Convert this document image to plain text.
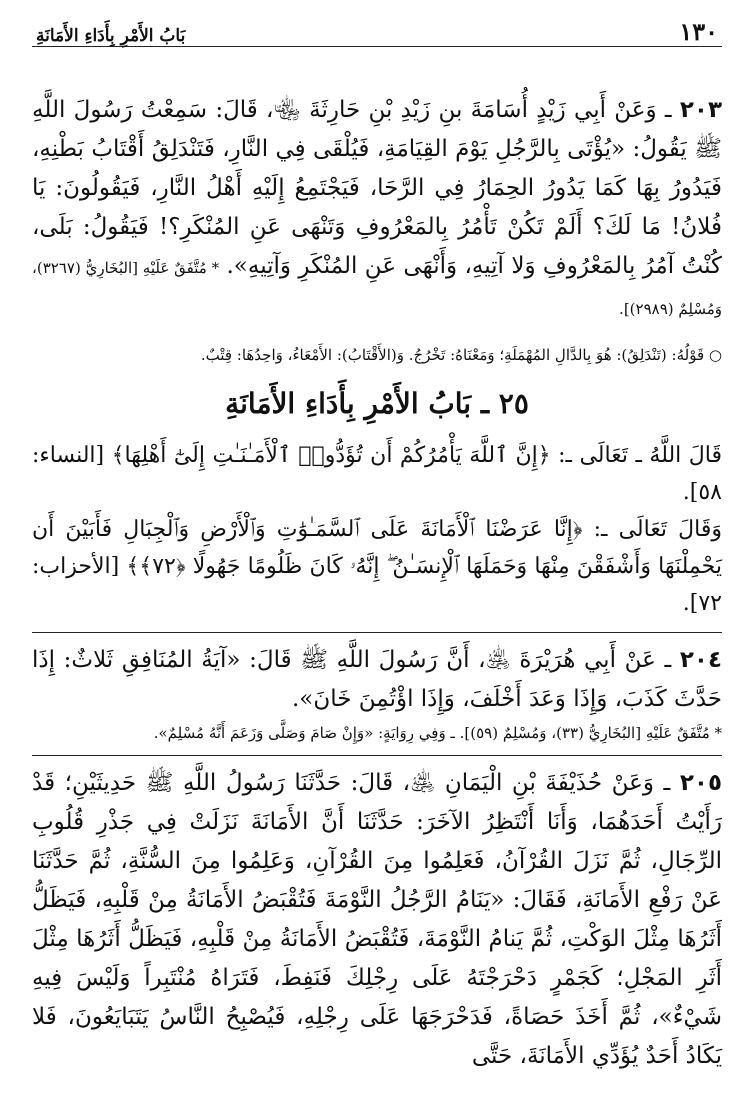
١٣٠
بَابُ الأَمْرِ بِأَدَاءِ الأَمَانَةِ

٢٠٣ ـ وَعَنْ أَبِي زَيْدٍ أُسَامَةَ بنِ زَيْدِ بْنِ حَارِثَةَ ﵄، قَالَ: سَمِعْتُ رَسُولَ اللَّهِ ﷺ يَقُولُ: «يُؤْتَى بِالرَّجُلِ يَوْمَ القِيَامَةِ، فَيُلْقَى فِي النَّارِ، فَتَنْدَلِقُ أَقْتَابُ بَطْنِهِ، فَيَدُورُ بِهَا كَمَا يَدُورُ الحِمَارُ فِي الرَّحَا، فَيَجْتَمِعُ إِلَيْهِ أَهْلُ النَّارِ، فَيَقُولُونَ: يَا فُلانُ! مَا لَكَ؟ أَلَمْ تَكُنْ تَأْمُرُ بِالمَعْرُوفِ وَتَنْهَى عَنِ المُنْكَرِ؟! فَيَقُولُ: بَلَى، كُنْتُ آمُرُ بِالمَعْرُوفِ وَلا آتِيهِ، وَأَنْهَى عَنِ المُنْكَرِ وَآتِيهِ». * مُتَّفَقٌ عَلَيْهِ [البُخَارِيُّ (٣٢٦٧)، وَمُسْلِمٌ (٢٩٨٩)].

○ قَوْلُهُ: (تَنْدَلِقُ): هُوَ بِالدَّالِ المُهْمَلَةِ؛ وَمَعْنَاهُ: تَخْرُجُ. وَ(الأَقْتَابُ): الأَمْعَاءُ، وَاحِدُهَا: قِتْبٌ.

٢٥ ـ بَابُ الأَمْرِ بِأَدَاءِ الأَمَانَةِ

قَالَ اللَّهُ ـ تَعَالَى ـ: ﴿إِنَّ ٱللَّهَ يَأْمُرُكُمْ أَن تُؤَدُّوا۟ ٱلْأَمَـٰنَـٰتِ إِلَىٰٓ أَهْلِهَا﴾ [النساء: ٥٨].

وَقَالَ تَعَالَى ـ: ﴿إِنَّا عَرَضْنَا ٱلْأَمَانَةَ عَلَى ٱلسَّمَـٰوَٰتِ وَٱلْأَرْضِ وَٱلْجِبَالِ فَأَبَيْنَ أَن يَحْمِلْنَهَا وَأَشْفَقْنَ مِنْهَا وَحَمَلَهَا ٱلْإِنسَـٰنُ ۖ إِنَّهُۥ كَانَ ظَلُومًا جَهُولًا ﴿٧٢﴾﴾ [الأحزاب: ٧٢].

٢٠٤ ـ عَنْ أَبِي هُرَيْرَةَ ﵁، أَنَّ رَسُولَ اللَّهِ ﷺ قَالَ: «آيَةُ المُنَافِقِ ثَلاثٌ: إِذَا حَدَّثَ كَذَبَ، وَإِذَا وَعَدَ أَخْلَفَ، وَإِذَا اؤْتُمِنَ خَانَ».

* مُتَّفَقٌ عَلَيْهِ [البُخَارِيُّ (٣٣)، وَمُسْلِمٌ (٥٩)]. ـ وَفِي رِوَايَةٍ: «وَإِنْ صَامَ وَصَلَّى وَزَعَمَ أَنَّهُ مُسْلِمٌ».

٢٠٥ ـ وَعَنْ حُذَيْفَةَ بْنِ الْيَمَانِ ﵁، قَالَ: حَدَّثَنَا رَسُولُ اللَّهِ ﷺ حَدِيثَيْنِ؛ قَدْ رَأَيْتُ أَحَدَهُمَا، وَأَنَا أَنْتَظِرُ الآخَرَ: حَدَّثَنَا أَنَّ الأَمَانَةَ نَزَلَتْ فِي جَذْرِ قُلُوبِ الرِّجَالِ، ثُمَّ نَزَلَ القُرْآنُ، فَعَلِمُوا مِنَ القُرْآنِ، وَعَلِمُوا مِنَ السُّنَّةِ، ثُمَّ حَدَّثَنَا عَنْ رَفْعِ الأَمَانَةِ، فَقَالَ: «يَنَامُ الرَّجُلُ النَّوْمَةَ فَتُقْبَضُ الأَمَانَةُ مِنْ قَلْبِهِ، فَيَظَلُّ أَثَرُهَا مِثْلَ الوَكْتِ، ثُمَّ يَنامُ النَّوْمَةَ، فَتُقْبَضُ الأَمَانَةُ مِنْ قَلْبِهِ، فَيَظَلُّ أَثَرُهَا مِثْلَ أَثَرِ المَجْلِ؛ كَجَمْرٍ دَحْرَجْتَهُ عَلَى رِجْلِكَ فَنَفِطَ، فَتَرَاهُ مُنْتَبِراً وَلَيْسَ فِيهِ شَيْءٌ»، ثُمَّ أَخَذَ حَصَاةً، فَدَحْرَجَهَا عَلَى رِجْلِهِ، فَيُصْبِحُ النَّاسُ يَتَبَايَعُونَ، فَلا يَكَادُ أَحَدٌ يُؤَدِّي الأَمَانَةَ، حَتَّى
